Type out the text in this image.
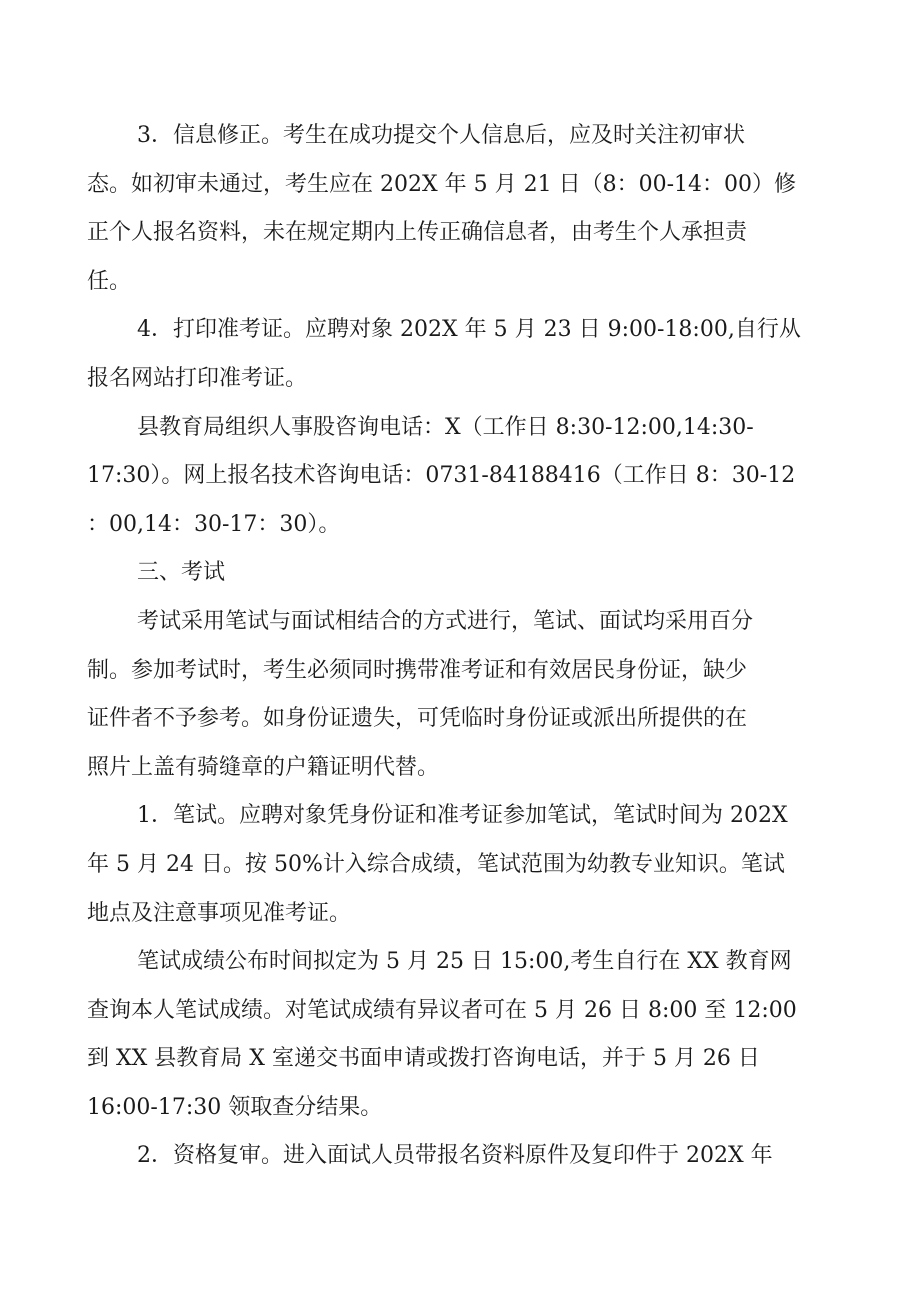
3．信息修正。考生在成功提交个人信息后，应及时关注初审状
态。如初审未通过，考生应在 202X 年 5 月 21 日（8：00-14：00）修
正个人报名资料，未在规定期内上传正确信息者，由考生个人承担责
任。
4．打印准考证。应聘对象 202X 年 5 月 23 日 9:00-18:00,自行从
报名网站打印准考证。
县教育局组织人事股咨询电话：X（工作日 8:30-12:00,14:30-
17:30）。网上报名技术咨询电话：0731-84188416（工作日 8：30-12
：00,14：30-17：30）。
三、考试
考试采用笔试与面试相结合的方式进行，笔试、面试均采用百分
制。参加考试时，考生必须同时携带准考证和有效居民身份证，缺少
证件者不予参考。如身份证遗失，可凭临时身份证或派出所提供的在
照片上盖有骑缝章的户籍证明代替。
1．笔试。应聘对象凭身份证和准考证参加笔试，笔试时间为 202X
年 5 月 24 日。按 50%计入综合成绩，笔试范围为幼教专业知识。笔试
地点及注意事项见准考证。
笔试成绩公布时间拟定为 5 月 25 日 15:00,考生自行在 XX 教育网
查询本人笔试成绩。对笔试成绩有异议者可在 5 月 26 日 8:00 至 12:00
到 XX 县教育局 X 室递交书面申请或拨打咨询电话，并于 5 月 26 日
16:00-17:30 领取查分结果。
2．资格复审。进入面试人员带报名资料原件及复印件于 202X 年
